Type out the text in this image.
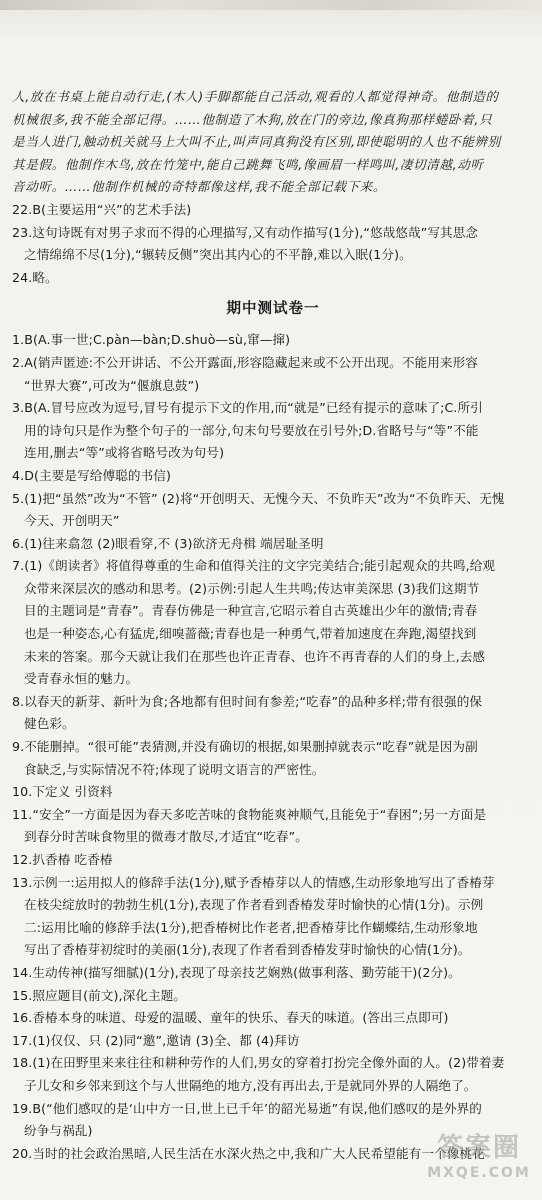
人,放在书桌上能自动行走,(木人)手脚都能自己活动,观看的人都觉得神奇。他制造的
机械很多,我不能全部记得。……他制造了木狗,放在门的旁边,像真狗那样蜷卧着,只
是当人进门,触动机关就马上大叫不止,叫声同真狗没有区别,即使聪明的人也不能辨别
其是假。他制作木鸟,放在竹笼中,能自己跳舞飞鸣,像画眉一样鸣叫,凄切清越,动听
音动听。……他制作机械的奇特都像这样,我不能全部记载下来。
22.B(主要运用“兴”的艺术手法)
23.这句诗既有对男子求而不得的心理描写,又有动作描写(1分),“悠哉悠哉”写其思念
之情绵绵不尽(1分),“辗转反侧”突出其内心的不平静,难以入眠(1分)。
24.略。
期中测试卷一
1.B(A.事一世;C.pàn—bàn;D.shuò—sù,窜—撺)
2.A(销声匿迹:不公开讲话、不公开露面,形容隐藏起来或不公开出现。不能用来形容
“世界大赛”,可改为“偃旗息鼓”)
3.B(A.冒号应改为逗号,冒号有提示下文的作用,而“就是”已经有提示的意味了;C.所引
用的诗句只是作为整个句子的一部分,句末句号要放在引号外;D.省略号与“等”不能
连用,删去“等”或将省略号改为句号)
4.D(主要是写给傅聪的书信)
5.(1)把“虽然”改为“不管” (2)将“开创明天、无愧今天、不负昨天”改为“不负昨天、无愧
今天、开创明天”
6.(1)往来翕忽 (2)眼看穿,不 (3)欲济无舟楫 端居耻圣明
7.(1)《朗读者》将值得尊重的生命和值得关注的文字完美结合;能引起观众的共鸣,给观
众带来深层次的感动和思考。(2)示例:引起人生共鸣;传达审美深思 (3)我们这期节
目的主题词是“青春”。青春仿佛是一种宣言,它昭示着自古英雄出少年的激情;青春
也是一种姿态,心有猛虎,细嗅蔷薇;青春也是一种勇气,带着加速度在奔跑,渴望找到
未来的答案。那今天就让我们在那些也许正青春、也许不再青春的人们的身上,去感
受青春永恒的魅力。
8.以春天的新芽、新叶为食;各地都有但时间有参差;“吃春”的品种多样;带有很强的保
健色彩。
9.不能删掉。“很可能”表猜测,并没有确切的根据,如果删掉就表示“吃春”就是因为副
食缺乏,与实际情况不符;体现了说明文语言的严密性。
10.下定义 引资料
11.“安全”一方面是因为春天多吃苦味的食物能爽神顺气,且能免于“春困”;另一方面是
到春分时苦味食物里的微毒才散尽,才适宜“吃春”。
12.扒香椿 吃香椿
13.示例一:运用拟人的修辞手法(1分),赋予香椿芽以人的情感,生动形象地写出了香椿芽
在枝尖绽放时的勃勃生机(1分),表现了作者看到香椿发芽时愉快的心情(1分)。示例
二:运用比喻的修辞手法(1分),把香椿树比作老者,把香椿芽比作蝴蝶结,生动形象地
写出了香椿芽初绽时的美丽(1分),表现了作者看到香椿发芽时愉快的心情(1分)。
14.生动传神(描写细腻)(1分),表现了母亲技艺娴熟(做事利落、勤劳能干)(2分)。
15.照应题目(前文),深化主题。
16.香椿本身的味道、母爱的温暖、童年的快乐、春天的味道。(答出三点即可)
17.(1)仅仅、只 (2)同“邀”,邀请 (3)全、都 (4)拜访
18.(1)在田野里来来往往和耕种劳作的人们,男女的穿着打扮完全像外面的人。(2)带着妻
子儿女和乡邻来到这个与人世隔绝的地方,没有再出去,于是就同外界的人隔绝了。
19.B(“他们感叹的是‘山中方一日,世上已千年’的韶光易逝”有误,他们感叹的是外界的
纷争与祸乱)
20.当时的社会政治黑暗,人民生活在水深火热之中,我和广大人民希望能有一个像桃花
答案圈
MXQE.COM
